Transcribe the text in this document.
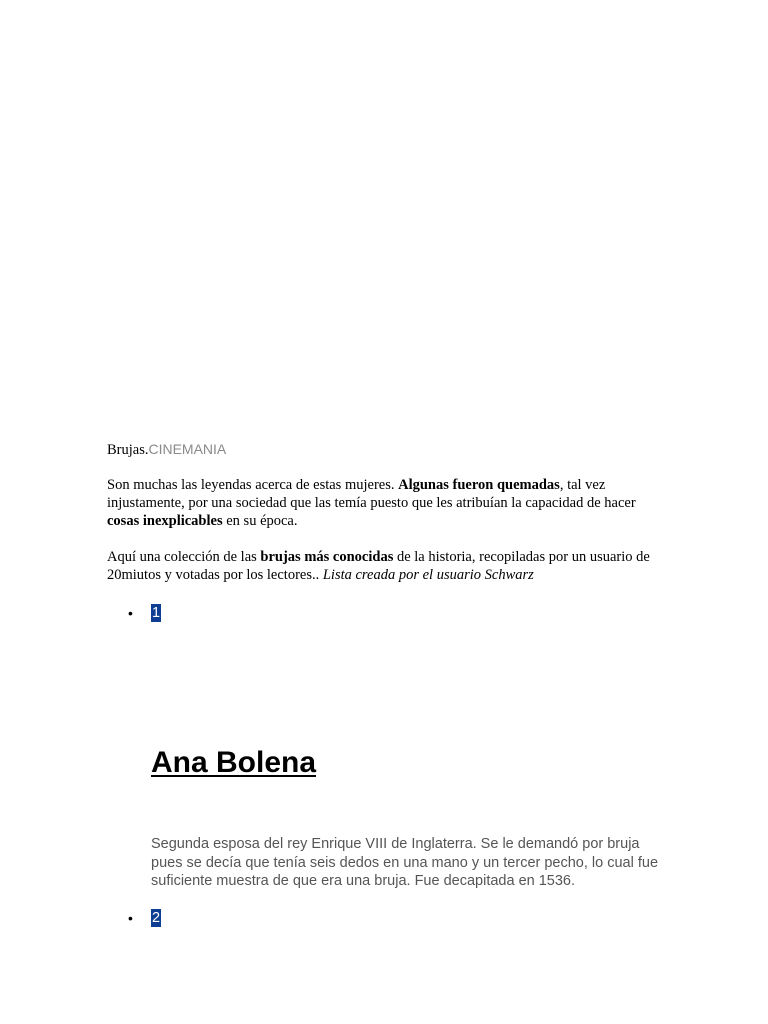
Brujas.CINEMANIA

Son muchas las leyendas acerca de estas mujeres. Algunas fueron quemadas, tal vez injustamente, por una sociedad que las temía puesto que les atribuían la capacidad de hacer cosas inexplicables en su época.

Aquí una colección de las brujas más conocidas de la historia, recopiladas por un usuario de 20miutos y votadas por los lectores.. Lista creada por el usuario Schwarz

• 1
Ana Bolena

Segunda esposa del rey Enrique VIII de Inglaterra. Se le demandó por bruja pues se decía que tenía seis dedos en una mano y un tercer pecho, lo cual fue suficiente muestra de que era una bruja. Fue decapitada en 1536.

• 2
